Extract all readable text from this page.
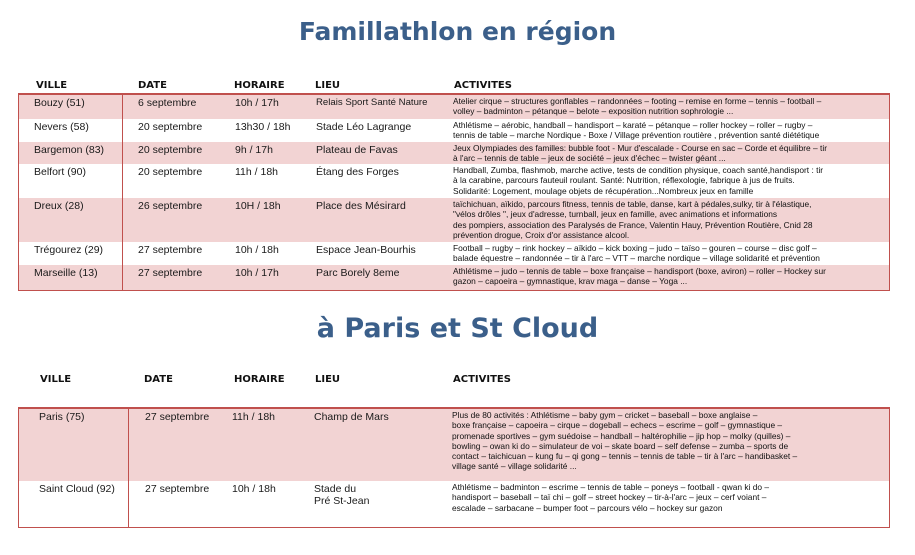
Famillathlon en région
VILLE	DATE	HORAIRE	LIEU	ACTIVITES
Bouzy (51)	6 septembre	10h / 17h	Relais Sport Santé Nature	Atelier cirque – structures gonflables – randonnées – footing – remise en forme – tennis – football –
volley – badminton – pétanque – belote – exposition nutrition sophrologie ...
Nevers (58)	20 septembre	13h30 / 18h	Stade Léo Lagrange	Athlétisme – aérobic, handball – handisport – karaté – pétanque – roller hockey – roller – rugby –
tennis de table – marche Nordique - Boxe / Village prévention routière , prévention santé diététique
Bargemon (83)	20 septembre	9h / 17h	Plateau de Favas	Jeux Olympiades des familles: bubble foot - Mur d'escalade - Course en sac – Corde et équilibre – tir
à l'arc – tennis de table – jeux de société – jeux d'échec – twister géant ...
Belfort (90)	20 septembre	11h / 18h	Étang des Forges	Handball, Zumba, flashmob, marche active, tests de condition physique, coach santé,handisport : tir
à la carabine, parcours fauteuil roulant. Santé: Nutrition, réflexologie, fabrique à jus de fruits.
Solidarité: Logement, moulage objets de récupération...Nombreux jeux en famille
Dreux (28)	26 septembre	10H / 18h	Place des Mésirard	taïchichuan, aïkido, parcours fitness, tennis de table, danse, kart à pédales,sulky, tir à l'élastique,
"vélos drôles ", jeux d'adresse, turnball, jeux en famille, avec animations et informations
des pompiers, association des Paralysés de France, Valentin Hauy, Prévention Routière, Cnid 28
prévention drogue, Croix d'or assistance alcool.
Trégourez (29)	27 septembre	10h / 18h	Espace Jean-Bourhis	Football – rugby – rink hockey – aïkido – kick boxing – judo – taïso – gouren – course – disc golf –
balade équestre – randonnée – tir à l'arc – VTT – marche nordique – village solidarité et prévention
Marseille (13)	27 septembre	10h / 17h	Parc Borely 8eme	Athlétisme – judo – tennis de table – boxe française – handisport (boxe, aviron) – roller – Hockey sur
gazon – capoeira – gymnastique, krav maga – danse – Yoga ...
à Paris et St Cloud
VILLE	DATE	HORAIRE	LIEU	ACTIVITES
Paris (75)	27 septembre	11h / 18h	Champ de Mars	Plus de 80 activités : Athlétisme – baby gym – cricket – baseball – boxe anglaise –
boxe française – capoeira – cirque – dogeball – echecs – escrime – golf – gymnastique –
promenade sportives – gym suédoise – handball – haltérophilie – jip hop – molky (quilles) –
bowling – owan ki do – simulateur de voi – skate board – self defense – zumba – sports de
contact – taichicuan – kung fu – qi gong – tennis – tennis de table – tir à l'arc – handibasket –
village santé – village solidarité ...
Saint Cloud (92)	27 septembre	10h / 18h	Stade du
Pré St-Jean
Athlétisme – badminton – escrime – tennis de table – poneys – football - qwan ki do –
handisport – baseball – taï chi – golf – street hockey – tir-à-l'arc – jeux – cerf voiant –
escalade – sarbacane – bumper foot – parcours vélo – hockey sur gazon
